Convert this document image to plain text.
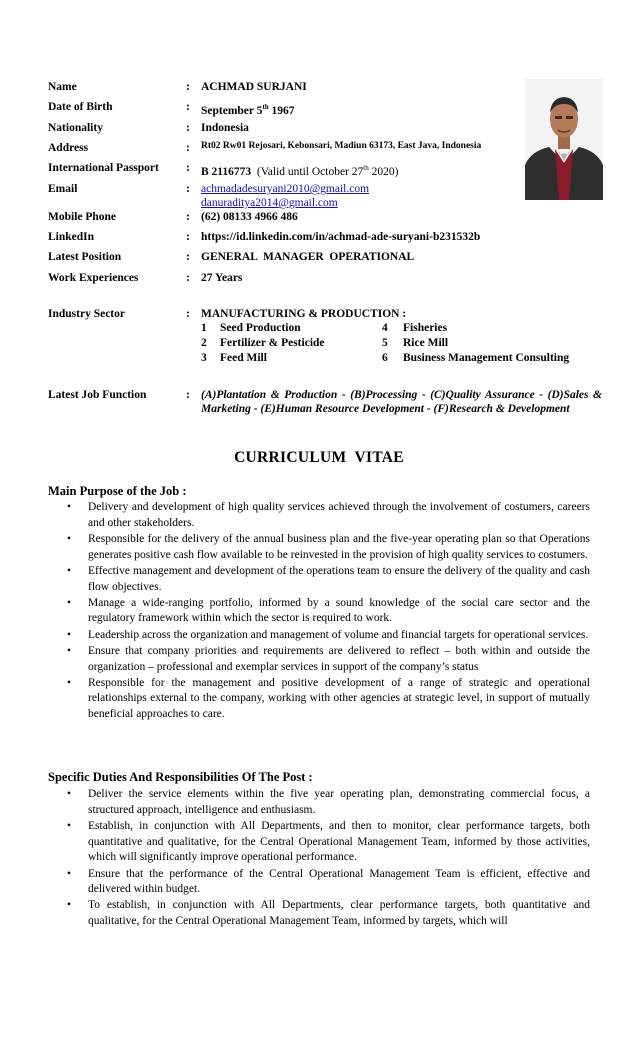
Name	: ACHMAD SURJANI
Date of Birth	: September 5th 1967
Nationality	: Indonesia
Address	: Rt02 Rw01 Rejosari, Kebonsari, Madiun 63173, East Java, Indonesia
International Passport : B 2116773 (Valid until October 27th 2020)
Email	: achmadadesuryani2010@gmail.com
danuraditya2014@gmail.com
Mobile Phone	: (62) 08133 4966 486
LinkedIn	: https://id.linkedin.com/in/achmad-ade-suryani-b231532b
Latest Position	: GENERAL  MANAGER  OPERATIONAL
Work Experiences	: 27 Years
Industry Sector	: MANUFACTURING & PRODUCTION :
1 Seed Production
2 Fertilizer & Pesticide
3 Feed Mill
4 Fisheries
5 Rice Mill
6 Business Management Consulting
Latest Job Function	: (A)Plantation & Production - (B)Processing - (C)Quality Assurance - (D)Sales & Marketing - (E)Human Resource Development - (F)Research & Development
CURRICULUM  VITAE
Main Purpose of the Job :
• Delivery and development of high quality services achieved through the involvement of costumers, careers and other stakeholders.
• Responsible for the delivery of the annual business plan and the five-year operating plan so that Operations generates positive cash flow available to be reinvested in the provision of high quality services to costumers.
• Effective management and development of the operations team to ensure the delivery of the quality and cash flow objectives.
• Manage a wide-ranging portfolio, informed by a sound knowledge of the social care sector and the regulatory framework within which the sector is required to work.
• Leadership across the organization and management of volume and financial targets for operational services.
• Ensure that company priorities and requirements are delivered to reflect – both within and outside the organization – professional and exemplar services in support of the company’s status
• Responsible for the management and positive development of a range of strategic and operational relationships external to the company, working with other agencies at strategic level, in support of mutually beneficial approaches to care.
Specific Duties And Responsibilities Of The Post :
• Deliver the service elements within the five year operating plan, demonstrating commercial focus, a structured approach, intelligence and enthusiasm.
• Establish, in conjunction with All Departments, and then to monitor, clear performance targets, both quantitative and qualitative, for the Central Operational Management Team, informed by those activities, which will significantly improve operational performance.
• Ensure that the performance of the Central Operational Management Team is efficient, effective and delivered within budget.
• To establish, in conjunction with All Departments, clear performance targets, both quantitative and qualitative, for the Central Operational Management Team, informed by targets, which will
